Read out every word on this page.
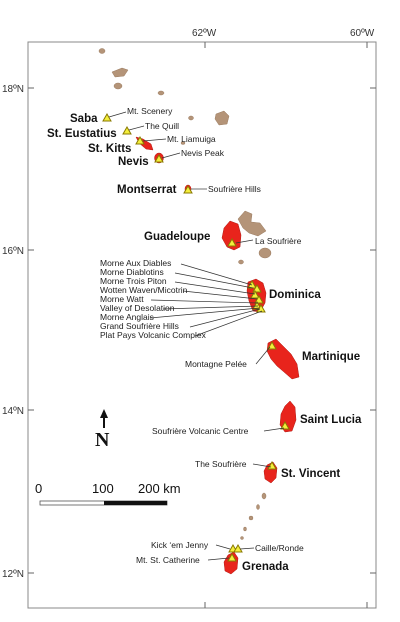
62ºW	60ºW
18ºN
16ºN
14ºN
12ºN
Saba
St. Eustatius
St. Kitts
Nevis
Montserrat
Guadeloupe
Dominica
Martinique
Saint Lucia
St. Vincent
Grenada
Mt. Scenery
The Quill
Mt. Liamuiga
Nevis Peak
Soufrière Hills
La Soufrière
Morne Aux Diables
Morne Diablotins
Morne Trois Piton
Wotten Waven/Micotrin
Morne Watt
Valley of Desolation
Morne Anglais
Grand Soufrière Hills
Plat Pays Volcanic Complex
Montagne Pelée
Soufrière Volcanic Centre
The Soufrière
Kick ‘em Jenny	Caille/Ronde
Mt. St. Catherine
N
0	100 200 km
